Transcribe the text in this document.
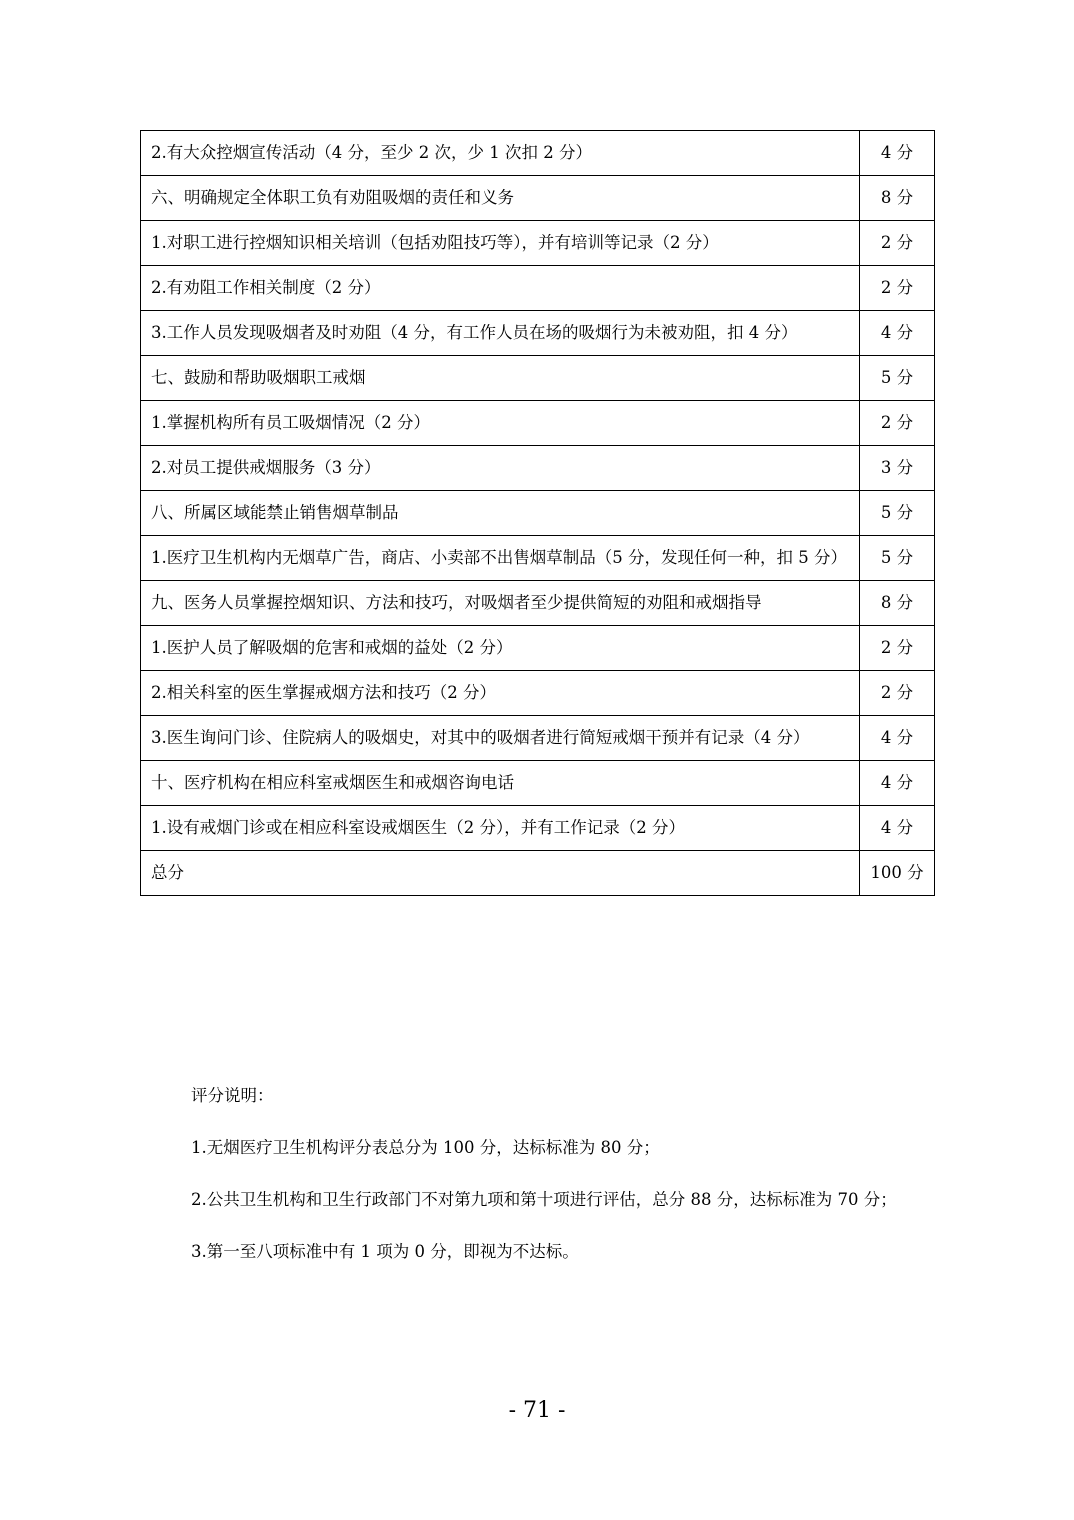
2.有大众控烟宣传活动（4 分，至少 2 次，少 1 次扣 2 分）	4 分
六、明确规定全体职工负有劝阻吸烟的责任和义务	8 分
1.对职工进行控烟知识相关培训（包括劝阻技巧等），并有培训等记录（2 分）	2 分
2.有劝阻工作相关制度（2 分）	2 分
3.工作人员发现吸烟者及时劝阻（4 分，有工作人员在场的吸烟行为未被劝阻，扣 4 分）	4 分
七、鼓励和帮助吸烟职工戒烟	5 分
1.掌握机构所有员工吸烟情况（2 分）	2 分
2.对员工提供戒烟服务（3 分）	3 分
八、所属区域能禁止销售烟草制品	5 分
1.医疗卫生机构内无烟草广告，商店、小卖部不出售烟草制品（5 分，发现任何一种，扣 5 分）	5 分
九、医务人员掌握控烟知识、方法和技巧，对吸烟者至少提供简短的劝阻和戒烟指导	8 分
1.医护人员了解吸烟的危害和戒烟的益处（2 分）	2 分
2.相关科室的医生掌握戒烟方法和技巧（2 分）	2 分
3.医生询问门诊、住院病人的吸烟史，对其中的吸烟者进行简短戒烟干预并有记录（4 分）	4 分
十、医疗机构在相应科室戒烟医生和戒烟咨询电话	4 分
1.设有戒烟门诊或在相应科室设戒烟医生（2 分），并有工作记录（2 分）	4 分
总分	100 分

评分说明：

1.无烟医疗卫生机构评分表总分为 100 分，达标标准为 80 分；

2.公共卫生机构和卫生行政部门不对第九项和第十项进行评估，总分 88 分，达标标准为 70 分；

3.第一至八项标准中有 1 项为 0 分，即视为不达标。

- 71 -
